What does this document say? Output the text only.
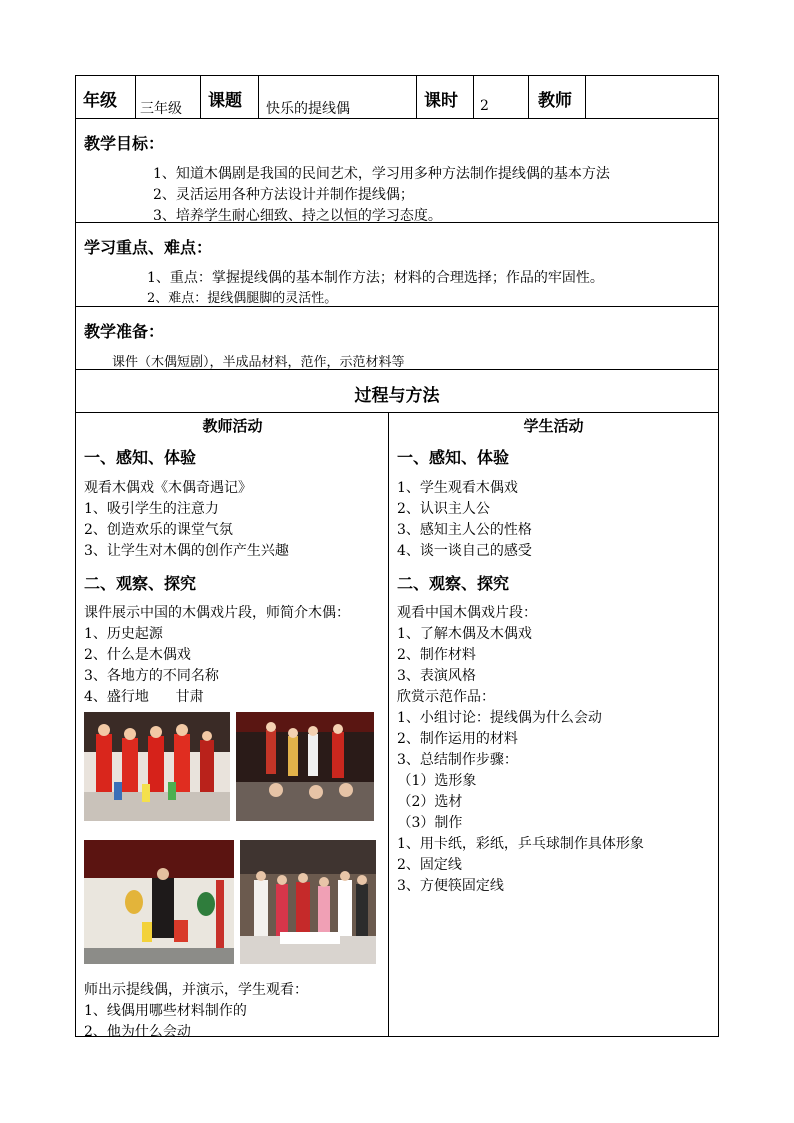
年级 三年级 课题 快乐的提线偶	课时 2	教师
教学目标：
1、知道木偶剧是我国的民间艺术，学习用多种方法制作提线偶的基本方法
2、灵活运用各种方法设计并制作提线偶；
3、培养学生耐心细致、持之以恒的学习态度。
学习重点、难点：
1、重点：掌握提线偶的基本制作方法；材料的合理选择；作品的牢固性。
2、难点：提线偶腿脚的灵活性。
教学准备：
课件（木偶短剧），半成品材料，范作，示范材料等
过程与方法
教师活动
一、感知、体验
观看木偶戏《木偶奇遇记》
1、吸引学生的注意力
2、创造欢乐的课堂气氛
3、让学生对木偶的创作产生兴趣
二、观察、探究
课件展示中国的木偶戏片段，师简介木偶：
1、历史起源
2、什么是木偶戏
3、各地方的不同名称
4、盛行地      甘肃
师出示提线偶，并演示，学生观看：
1、线偶用哪些材料制作的
2、他为什么会动
学生活动
一、感知、体验
1、学生观看木偶戏
2、认识主人公
3、感知主人公的性格
4、谈一谈自己的感受
二、观察、探究
观看中国木偶戏片段：
1、了解木偶及木偶戏
2、制作材料
3、表演风格
欣赏示范作品：
1、小组讨论：提线偶为什么会动
2、制作运用的材料
3、总结制作步骤：
（1）选形象
（2）选材
（3）制作
1、用卡纸，彩纸，乒乓球制作具体形象
2、固定线
3、方便筷固定线
